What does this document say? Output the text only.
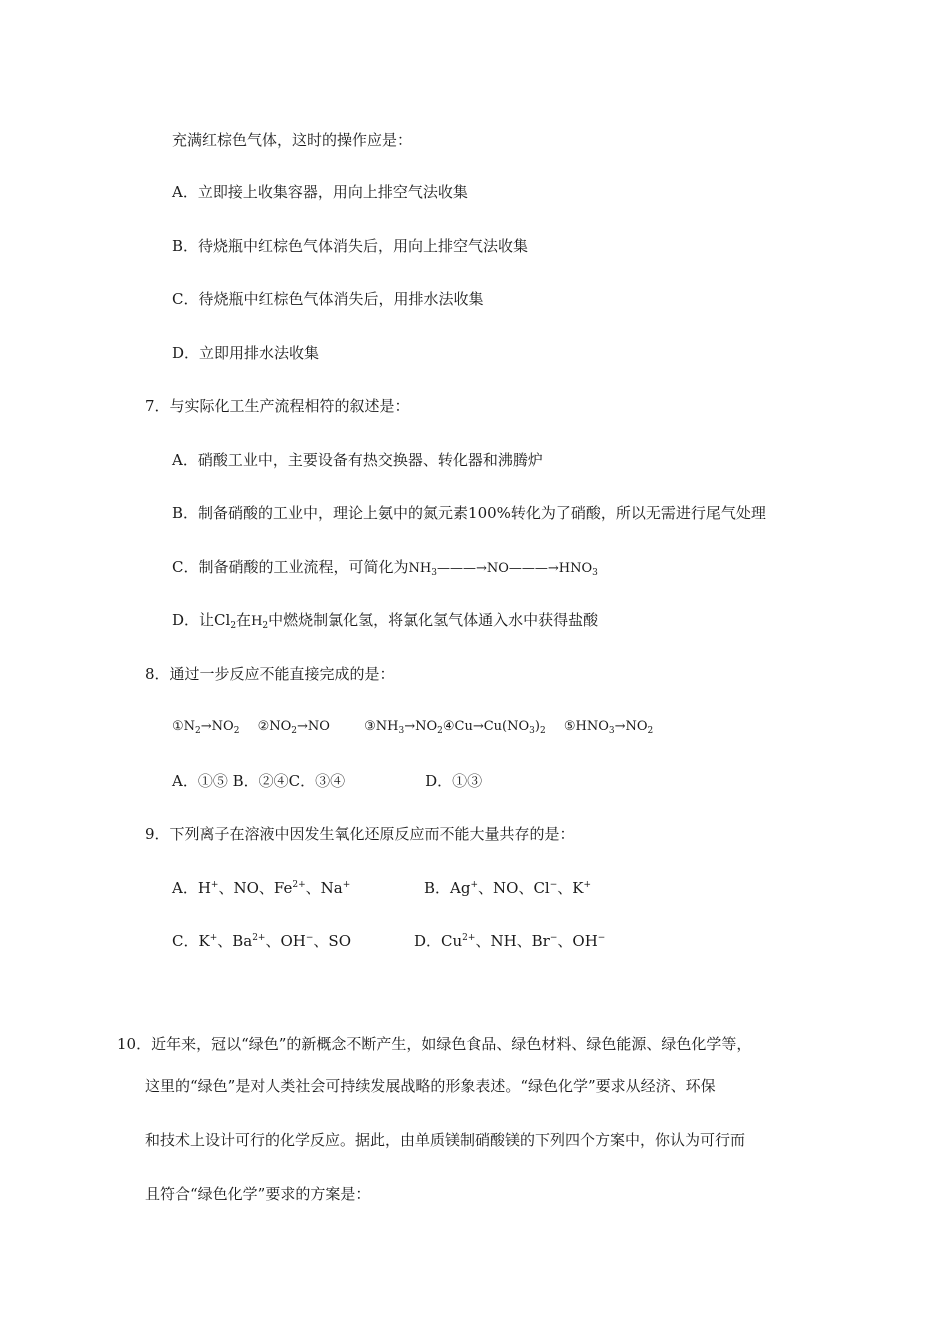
充满红棕色气体，这时的操作应是：
A．立即接上收集容器，用向上排空气法收集
B．待烧瓶中红棕色气体消失后，用向上排空气法收集
C．待烧瓶中红棕色气体消失后，用排水法收集
D．立即用排水法收集
7．与实际化工生产流程相符的叙述是：
A．硝酸工业中，主要设备有热交换器、转化器和沸腾炉
B．制备硝酸的工业中，理论上氨中的氮元素100%转化为了硝酸，所以无需进行尾气处理
C．制备硝酸的工业流程，可简化为$NH_3———\to NO———\to HNO_3$
D．让$Cl_2$在$H_2$中燃烧制氯化氢，将氯化氢气体通入水中获得盐酸
8．通过一步反应不能直接完成的是：
$①N_2\to NO_2$ $②NO_2\to NO$	$③NH_3\to NO_2④Cu\to Cu(NO_3)_2$ $⑤HNO_3\to NO_2$
A．①⑤ B．②④C．③④	D．①③
9．下列离子在溶液中因发生氧化还原反应而不能大量共存的是：
A．H+、NO、$Fe^{2+}$、Na+	B．Ag+、NO、Cl−、K+
C．K+、$Ba^{2+}$、OH−、SO	D．$Cu^{2+}$、NH、Br−、OH−
10．近年来，冠以“绿色”的新概念不断产生，如绿色食品、绿色材料、绿色能源、绿色化学等，
这里的“绿色”是对人类社会可持续发展战略的形象表述。“绿色化学”要求从经济、环保
和技术上设计可行的化学反应。据此，由单质镁制硝酸镁的下列四个方案中，你认为可行而
且符合“绿色化学”要求的方案是：
